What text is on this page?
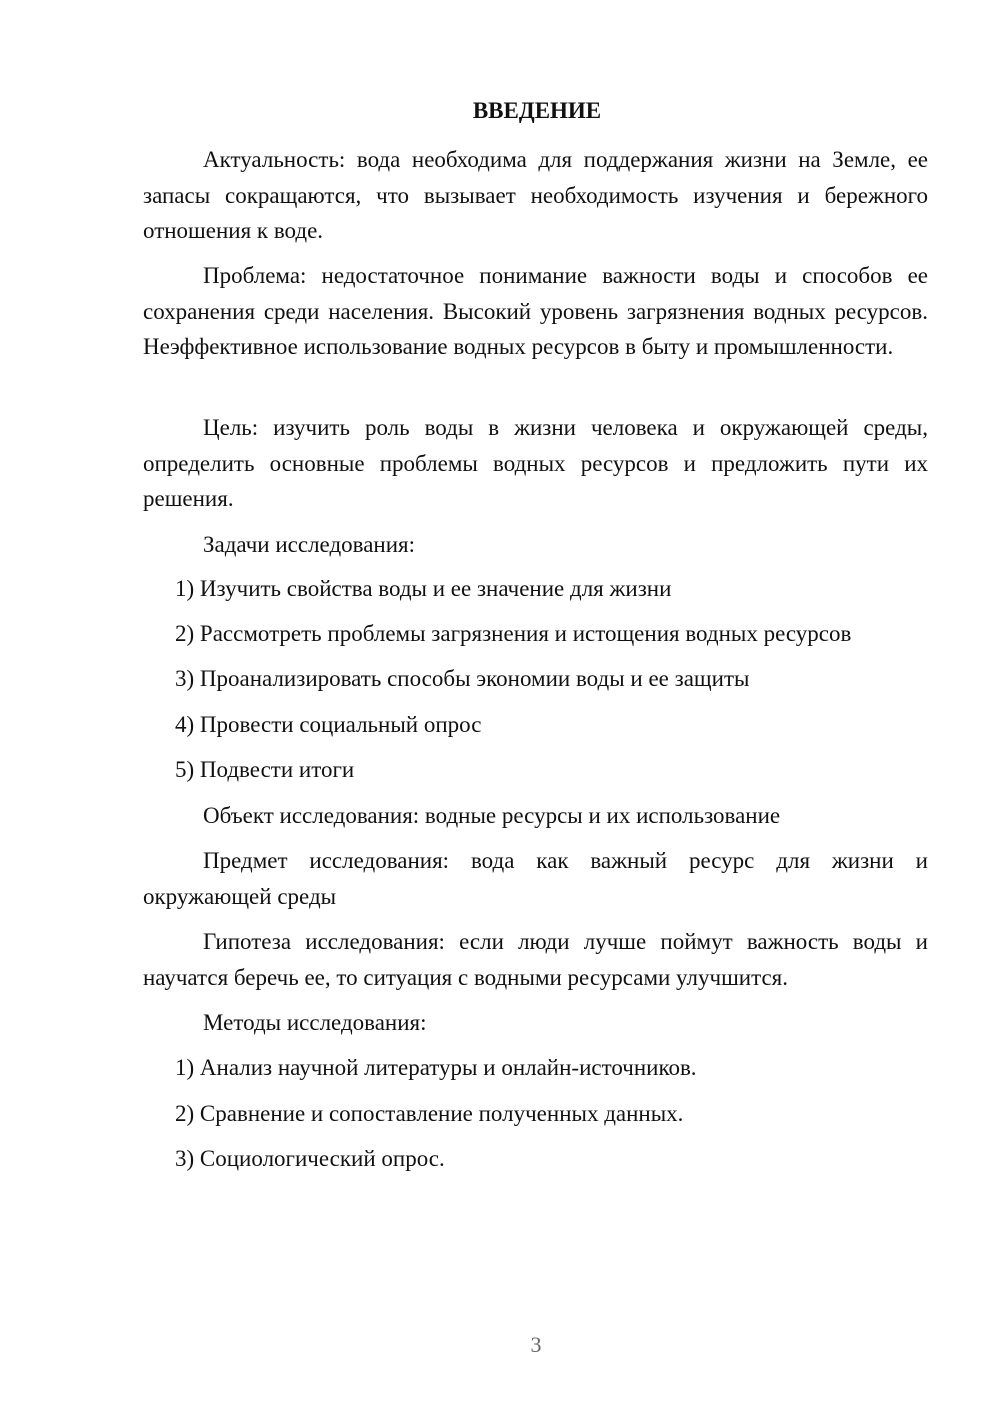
ВВЕДЕНИЕ

Актуальность: вода необходима для поддержания жизни на Земле, ее запасы сокращаются, что вызывает необходимость изучения и бережного отношения к воде.

Проблема: недостаточное понимание важности воды и способов ее сохранения среди населения. Высокий уровень загрязнения водных ресурсов. Неэффективное использование водных ресурсов в быту и промышленности.

Цель: изучить роль воды в жизни человека и окружающей среды, определить основные проблемы водных ресурсов и предложить пути их решения.

Задачи исследования:

1) Изучить свойства воды и ее значение для жизни

2) Рассмотреть проблемы загрязнения и истощения водных ресурсов

3) Проанализировать способы экономии воды и ее защиты

4) Провести социальный опрос

5) Подвести итоги

Объект исследования: водные ресурсы и их использование

Предмет исследования: вода как важный ресурс для жизни и окружающей среды

Гипотеза исследования: если люди лучше поймут важность воды и научатся беречь ее, то ситуация с водными ресурсами улучшится.

Методы исследования:

1) Анализ научной литературы и онлайн-источников.

2) Сравнение и сопоставление полученных данных.

3) Социологический опрос.

3
